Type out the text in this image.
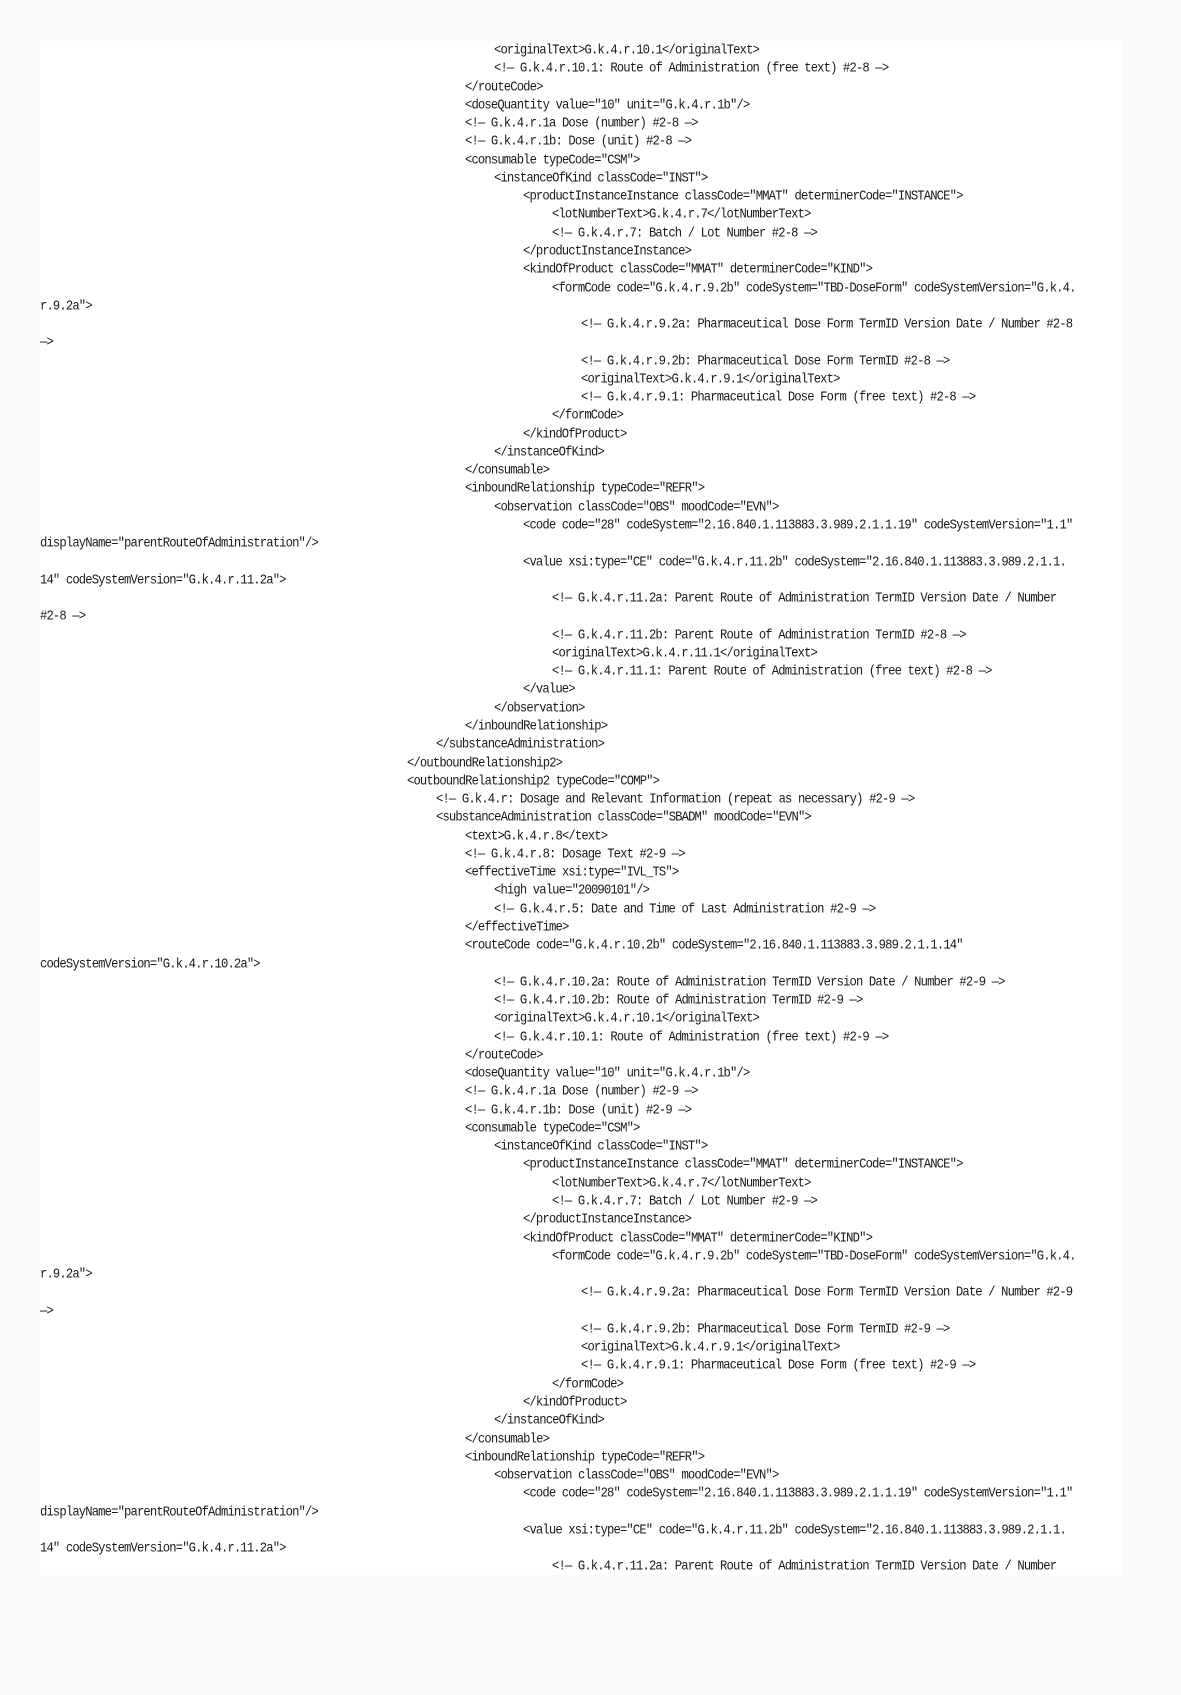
<originalText>G.k.4.r.10.1</originalText>
<!— G.k.4.r.10.1: Route of Administration (free text) #2-8 —>
</routeCode>
<doseQuantity value="10" unit="G.k.4.r.1b"/>
<!— G.k.4.r.1a Dose (number) #2-8 —>
<!— G.k.4.r.1b: Dose (unit) #2-8 —>
<consumable typeCode="CSM">
<instanceOfKind classCode="INST">
<productInstanceInstance classCode="MMAT" determinerCode="INSTANCE">
<lotNumberText>G.k.4.r.7</lotNumberText>
<!— G.k.4.r.7: Batch / Lot Number #2-8 —>
</productInstanceInstance>
<kindOfProduct classCode="MMAT" determinerCode="KIND">
<formCode code="G.k.4.r.9.2b" codeSystem="TBD-DoseForm" codeSystemVersion="G.k.4.
r.9.2a">
<!— G.k.4.r.9.2a: Pharmaceutical Dose Form TermID Version Date / Number #2-8
—>
<!— G.k.4.r.9.2b: Pharmaceutical Dose Form TermID #2-8 —>
<originalText>G.k.4.r.9.1</originalText>
<!— G.k.4.r.9.1: Pharmaceutical Dose Form (free text) #2-8 —>
</formCode>
</kindOfProduct>
</instanceOfKind>
</consumable>
<inboundRelationship typeCode="REFR">
<observation classCode="OBS" moodCode="EVN">
<code code="28" codeSystem="2.16.840.1.113883.3.989.2.1.1.19" codeSystemVersion="1.1"
displayName="parentRouteOfAdministration"/>
<value xsi:type="CE" code="G.k.4.r.11.2b" codeSystem="2.16.840.1.113883.3.989.2.1.1.
14" codeSystemVersion="G.k.4.r.11.2a">
<!— G.k.4.r.11.2a: Parent Route of Administration TermID Version Date / Number
#2-8 —>
<!— G.k.4.r.11.2b: Parent Route of Administration TermID #2-8 —>
<originalText>G.k.4.r.11.1</originalText>
<!— G.k.4.r.11.1: Parent Route of Administration (free text) #2-8 —>
</value>
</observation>
</inboundRelationship>
</substanceAdministration>
</outboundRelationship2>
<outboundRelationship2 typeCode="COMP">
<!— G.k.4.r: Dosage and Relevant Information (repeat as necessary) #2-9 —>
<substanceAdministration classCode="SBADM" moodCode="EVN">
<text>G.k.4.r.8</text>
<!— G.k.4.r.8: Dosage Text #2-9 —>
<effectiveTime xsi:type="IVL_TS">
<high value="20090101"/>
<!— G.k.4.r.5: Date and Time of Last Administration #2-9 —>
</effectiveTime>
<routeCode code="G.k.4.r.10.2b" codeSystem="2.16.840.1.113883.3.989.2.1.1.14"
codeSystemVersion="G.k.4.r.10.2a">
<!— G.k.4.r.10.2a: Route of Administration TermID Version Date / Number #2-9 —>
<!— G.k.4.r.10.2b: Route of Administration TermID #2-9 —>
<originalText>G.k.4.r.10.1</originalText>
<!— G.k.4.r.10.1: Route of Administration (free text) #2-9 —>
</routeCode>
<doseQuantity value="10" unit="G.k.4.r.1b"/>
<!— G.k.4.r.1a Dose (number) #2-9 —>
<!— G.k.4.r.1b: Dose (unit) #2-9 —>
<consumable typeCode="CSM">
<instanceOfKind classCode="INST">
<productInstanceInstance classCode="MMAT" determinerCode="INSTANCE">
<lotNumberText>G.k.4.r.7</lotNumberText>
<!— G.k.4.r.7: Batch / Lot Number #2-9 —>
</productInstanceInstance>
<kindOfProduct classCode="MMAT" determinerCode="KIND">
<formCode code="G.k.4.r.9.2b" codeSystem="TBD-DoseForm" codeSystemVersion="G.k.4.
r.9.2a">
<!— G.k.4.r.9.2a: Pharmaceutical Dose Form TermID Version Date / Number #2-9
—>
<!— G.k.4.r.9.2b: Pharmaceutical Dose Form TermID #2-9 —>
<originalText>G.k.4.r.9.1</originalText>
<!— G.k.4.r.9.1: Pharmaceutical Dose Form (free text) #2-9 —>
</formCode>
</kindOfProduct>
</instanceOfKind>
</consumable>
<inboundRelationship typeCode="REFR">
<observation classCode="OBS" moodCode="EVN">
<code code="28" codeSystem="2.16.840.1.113883.3.989.2.1.1.19" codeSystemVersion="1.1"
displayName="parentRouteOfAdministration"/>
<value xsi:type="CE" code="G.k.4.r.11.2b" codeSystem="2.16.840.1.113883.3.989.2.1.1.
14" codeSystemVersion="G.k.4.r.11.2a">
<!— G.k.4.r.11.2a: Parent Route of Administration TermID Version Date / Number
